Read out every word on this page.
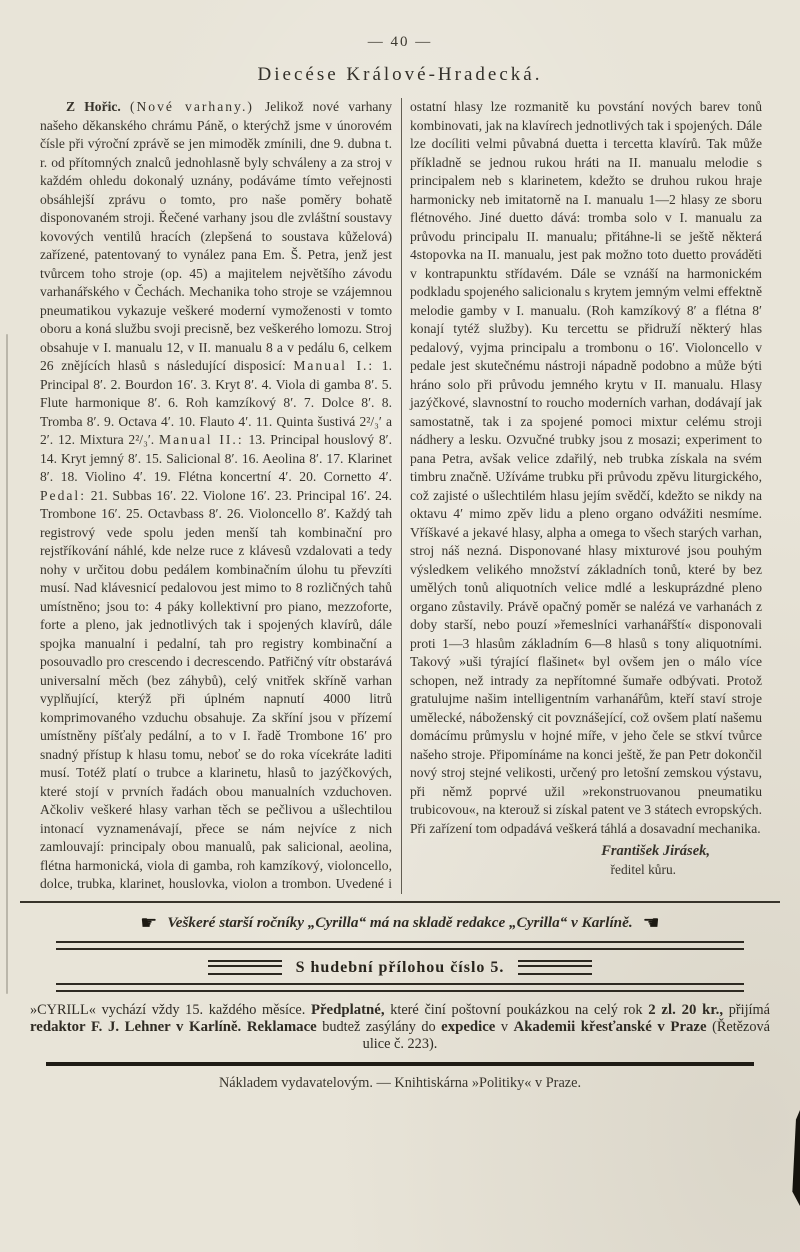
— 40 —
Diecése Králové-Hradecká.

Z Hořic. (Nové varhany.) Jelikož nové varhany našeho děkanského chrámu Páně, o kterýchž jsme v únorovém čísle při výroční zprávě se jen mimoděk zmínili, dne 9. dubna t. r. od přítomných znalců jednohlasně byly schváleny a za stroj v každém ohledu dokonalý uznány, podáváme tímto veřejnosti obsáhlejší zprávu o tomto, pro naše poměry bohatě disponovaném stroji. Řečené varhany jsou dle zvláštní soustavy kovových ventilů hracích (zlepšená to soustava kůželová) zařízené, patentovaný to vynález pana Em. Š. Petra, jenž jest tvůrcem toho stroje (op. 45) a majitelem největšího závodu varhanářského v Čechách. Mechanika toho stroje se vzájemnou pneumatikou vykazuje veškeré moderní vymoženosti v tomto oboru a koná službu svoji precisně, bez veškerého lomozu. Stroj obsahuje v I. manualu 12, v II. manualu 8 a v pedálu 6, celkem 26 znějících hlasů s následující disposicí: Manual I.: 1. Principal 8′. 2. Bourdon 16′. 3. Kryt 8′. 4. Viola di gamba 8′. 5. Flute harmonique 8′. 6. Roh kamzíkový 8′. 7. Dolce 8′. 8. Tromba 8′. 9. Octava 4′. 10. Flauto 4′. 11. Quinta šustivá 2²/₃′ a 2′. 12. Mixtura 2²/₃′. Manual II.: 13. Principal houslový 8′. 14. Kryt jemný 8′. 15. Salicional 8′. 16. Aeolina 8′. 17. Klarinet 8′. 18. Violino 4′. 19. Flétna koncertní 4′. 20. Cornetto 4′. Pedal: 21. Subbas 16′. 22. Violone 16′. 23. Principal 16′. 24. Trombone 16′. 25. Octavbass 8′. 26. Violoncello 8′. Každý tah registrový vede spolu jeden menší tah kombinační pro rejstříkování náhlé, kde nelze ruce z klávesů vzdalovati a tedy nohy v určitou dobu pedálem kombinačním úlohu tu převzíti musí. Nad klávesnicí pedalovou jest mimo to 8 rozličných tahů umístněno; jsou to: 4 páky kollektivní pro piano, mezzoforte, forte a pleno, jak jednotlivých tak i spojených klavírů, dále spojka manualní i pedalní, tah pro registry kombinační a posouvadlo pro crescendo i decrescendo. Patřičný vítr obstarává universalní měch (bez záhybů), celý vnitřek skříně varhan vyplňující, kterýž při úplném napnutí 4000 litrů komprimovaného vzduchu obsahuje. Za skříní jsou v přízemí umístněny píšťaly pedální, a to v I. řadě Trombone 16′ pro snadný přístup k hlasu tomu, neboť se do roka vícekráte laditi musí. Totéž platí o trubce a klarinetu, hlasů to jazýčkových, které stojí v prvních řadách obou manualních vzduchoven. Ačkoliv veškeré hlasy varhan těch se pečlivou a ušlechtilou intonací vyznamenávají, přece se nám nejvíce z nich zamlouvají: principaly obou manualů, pak salicional, aeolina, flétna harmonická, viola di gamba, roh kamzíkový, violoncello, dolce, trubka, klarinet, houslovka, violon a trombon. Uvedené i ostatní hlasy lze rozmanitě ku povstání nových barev tonů kombinovati, jak na klavírech jednotlivých tak i spojených. Dále lze docíliti velmi půvabná duetta i tercetta klavírů. Tak může příkladně se jednou rukou hráti na II. manualu melodie s principalem neb s klarinetem, kdežto se druhou rukou hraje harmonicky neb imitatorně na I. manualu 1—2 hlasy ze sboru flétnového. Jiné duetto dává: tromba solo v I. manualu za průvodu principalu II. manualu; přitáhne-li se ještě některá 4stopovka na II. manualu, jest pak možno toto duetto prováděti v kontrapunktu střídavém. Dále se vznáší na harmonickém podkladu spojeného salicionalu s krytem jemným velmi effektně melodie gamby v I. manualu. (Roh kamzíkový 8′ a flétna 8′ konají tytéž služby). Ku tercettu se přidruží některý hlas pedalový, vyjma principalu a trombonu o 16′. Violoncello v pedale jest skutečnému nástroji nápadně podobno a může býti hráno solo při průvodu jemného krytu v II. manualu. Hlasy jazýčkové, slavnostní to roucho moderních varhan, dodávají jak samostatně, tak i za spojené pomoci mixtur celému stroji nádhery a lesku. Ozvučné trubky jsou z mosazi; experiment to pana Petra, avšak velice zdařilý, neb trubka získala na svém timbru značně. Užíváme trubku při průvodu zpěvu liturgického, což zajisté o ušlechtilém hlasu jejím svědčí, kdežto se nikdy na oktavu 4′ mimo zpěv lidu a pleno organo odvážiti nesmíme. Vříškavé a jekavé hlasy, alpha a omega to všech starých varhan, stroj náš nezná. Disponované hlasy mixturové jsou pouhým výsledkem velikého množství základních tonů, které by bez umělých tonů aliquotních velice mdlé a leskuprázdné pleno organo zůstavily. Právě opačný poměr se nalézá ve varhanách z doby starší, nebo pouzí »řemeslníci varhanářští« disponovali proti 1—3 hlasům základním 6—8 hlasů s tony aliquotními. Takový »uši týrající flašinet« byl ovšem jen o málo více schopen, než intrady za nepřítomné šumaře odbývati. Protož gratulujme našim intelligentním varhanářům, kteří staví stroje umělecké, náboženský cit povznášející, což ovšem platí našemu domácímu průmyslu v hojné míře, v jeho čele se stkví tvůrce našeho stroje. Připomínáme na konci ještě, že pan Petr dokončil nový stroj stejné velikosti, určený pro letošní zemskou výstavu, při němž poprvé užil »rekonstruovanou pneumatiku trubicovou«, na kterouž si získal patent ve 3 státech evropských. Při zařízení tom odpadává veškerá táhlá a dosavadní mechanika.

František Jirásek,
ředitel kůru.
☛ Veškeré starší ročníky „Cyrilla“ má na skladě redakce „Cyrilla“ v Karlíně. ☚
S hudební přílohou číslo 5.
»CYRILL« vychází vždy 15. každého měsíce. Předplatné, které činí poštovní poukázkou na celý rok 2 zl. 20 kr., přijímá redaktor F. J. Lehner v Karlíně. Reklamace budtež zasýlány do expedice v Akademii křesťanské v Praze (Řetězová ulice č. 223).
Nákladem vydavatelovým. — Knihtiskárna »Politiky« v Praze.
